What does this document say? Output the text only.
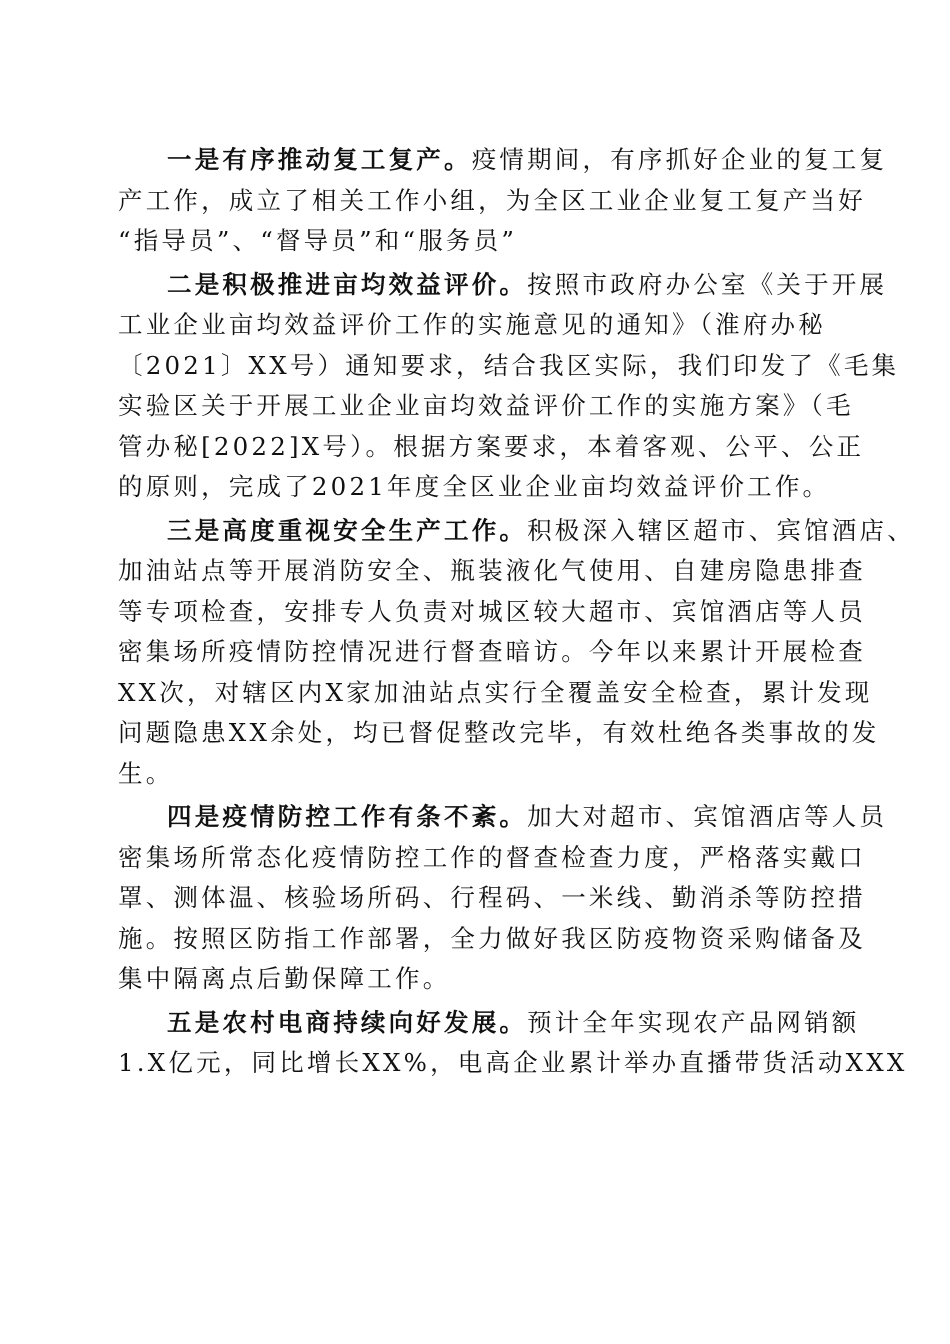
一是有序推动复工复产。疫情期间，有序抓好企业的复工复
产工作，成立了相关工作小组，为全区工业企业复工复产当好
“指导员”、“督导员”和“服务员”

二是积极推进亩均效益评价。按照市政府办公室《关于开展
工业企业亩均效益评价工作的实施意见的通知》（淮府办秘
〔2021〕XX号）通知要求，结合我区实际，我们印发了《毛集
实验区关于开展工业企业亩均效益评价工作的实施方案》（毛
管办秘[2022]X号）。根据方案要求，本着客观、公平、公正
的原则，完成了2021年度全区业企业亩均效益评价工作。

三是高度重视安全生产工作。积极深入辖区超市、宾馆酒店、
加油站点等开展消防安全、瓶装液化气使用、自建房隐患排查
等专项检查，安排专人负责对城区较大超市、宾馆酒店等人员
密集场所疫情防控情况进行督查暗访。今年以来累计开展检查
XX次，对辖区内X家加油站点实行全覆盖安全检查，累计发现
问题隐患XX余处，均已督促整改完毕，有效杜绝各类事故的发
生。

四是疫情防控工作有条不紊。加大对超市、宾馆酒店等人员
密集场所常态化疫情防控工作的督查检查力度，严格落实戴口
罩、测体温、核验场所码、行程码、一米线、勤消杀等防控措
施。按照区防指工作部署，全力做好我区防疫物资采购储备及
集中隔离点后勤保障工作。

五是农村电商持续向好发展。预计全年实现农产品网销额
1.X亿元，同比增长XX%，电高企业累计举办直播带货活动XXX
